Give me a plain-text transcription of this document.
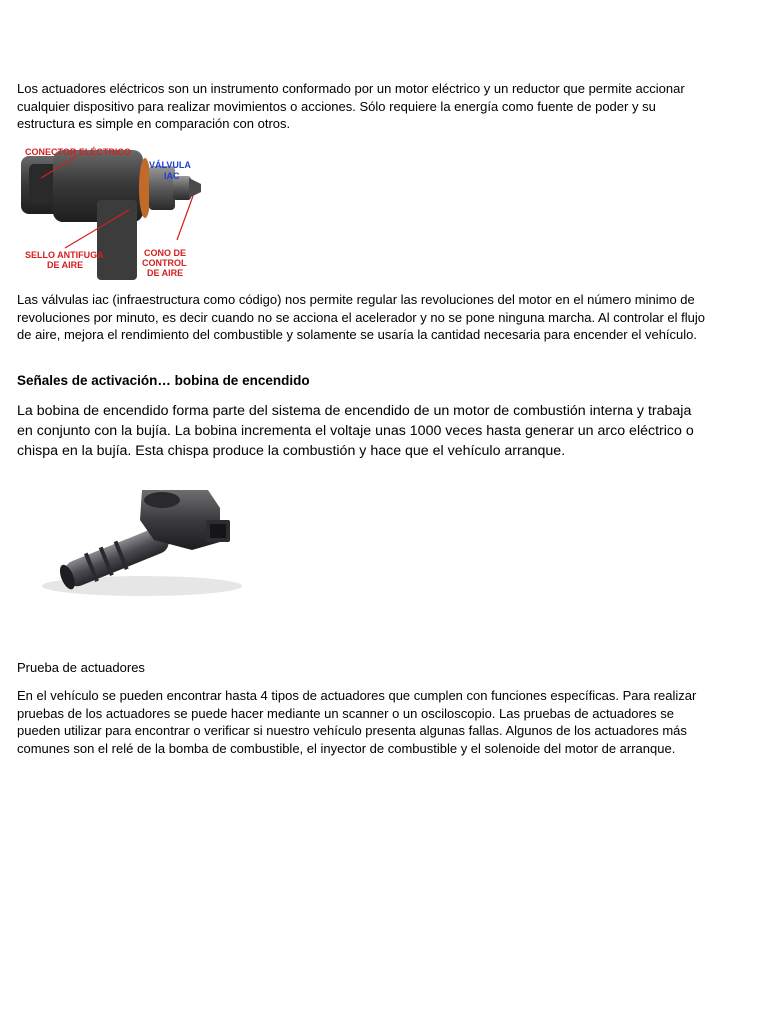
Los actuadores eléctricos son un instrumento conformado por un motor eléctrico y un reductor que permite accionar cualquier dispositivo para realizar movimientos o acciones. Sólo requiere la energía como fuente de poder y su estructura es simple en comparación con otros.

CONECTOR ELÉCTRICO
VÁLVULA
IAC
SELLO ANTIFUGA
DE AIRE
CONO DE
CONTROL
DE AIRE

Las válvulas iac (infraestructura como código) nos permite regular las revoluciones del motor en el número minimo de revoluciones por minuto, es decir cuando no se acciona el acelerador y no se pone ninguna marcha. Al controlar el flujo de aire, mejora el rendimiento del combustible y solamente se usaría la cantidad necesaria para encender el vehículo.

Señales de activación… bobina de encendido

La bobina de encendido forma parte del sistema de encendido de un motor de combustión interna y trabaja en conjunto con la bujía. La bobina incrementa el voltaje unas 1000 veces hasta generar un arco eléctrico o chispa en la bujía. Esta chispa produce la combustión y hace que el vehículo arranque.

Prueba de actuadores

En el vehículo se pueden encontrar hasta 4 tipos de actuadores que cumplen con funciones específicas. Para realizar pruebas de los actuadores se puede hacer mediante un scanner o un osciloscopio. Las pruebas de actuadores se pueden utilizar para encontrar o verificar si nuestro vehículo presenta algunas fallas. Algunos de los actuadores más comunes son el relé de la bomba de combustible, el inyector de combustible y el solenoide del motor de arranque.
